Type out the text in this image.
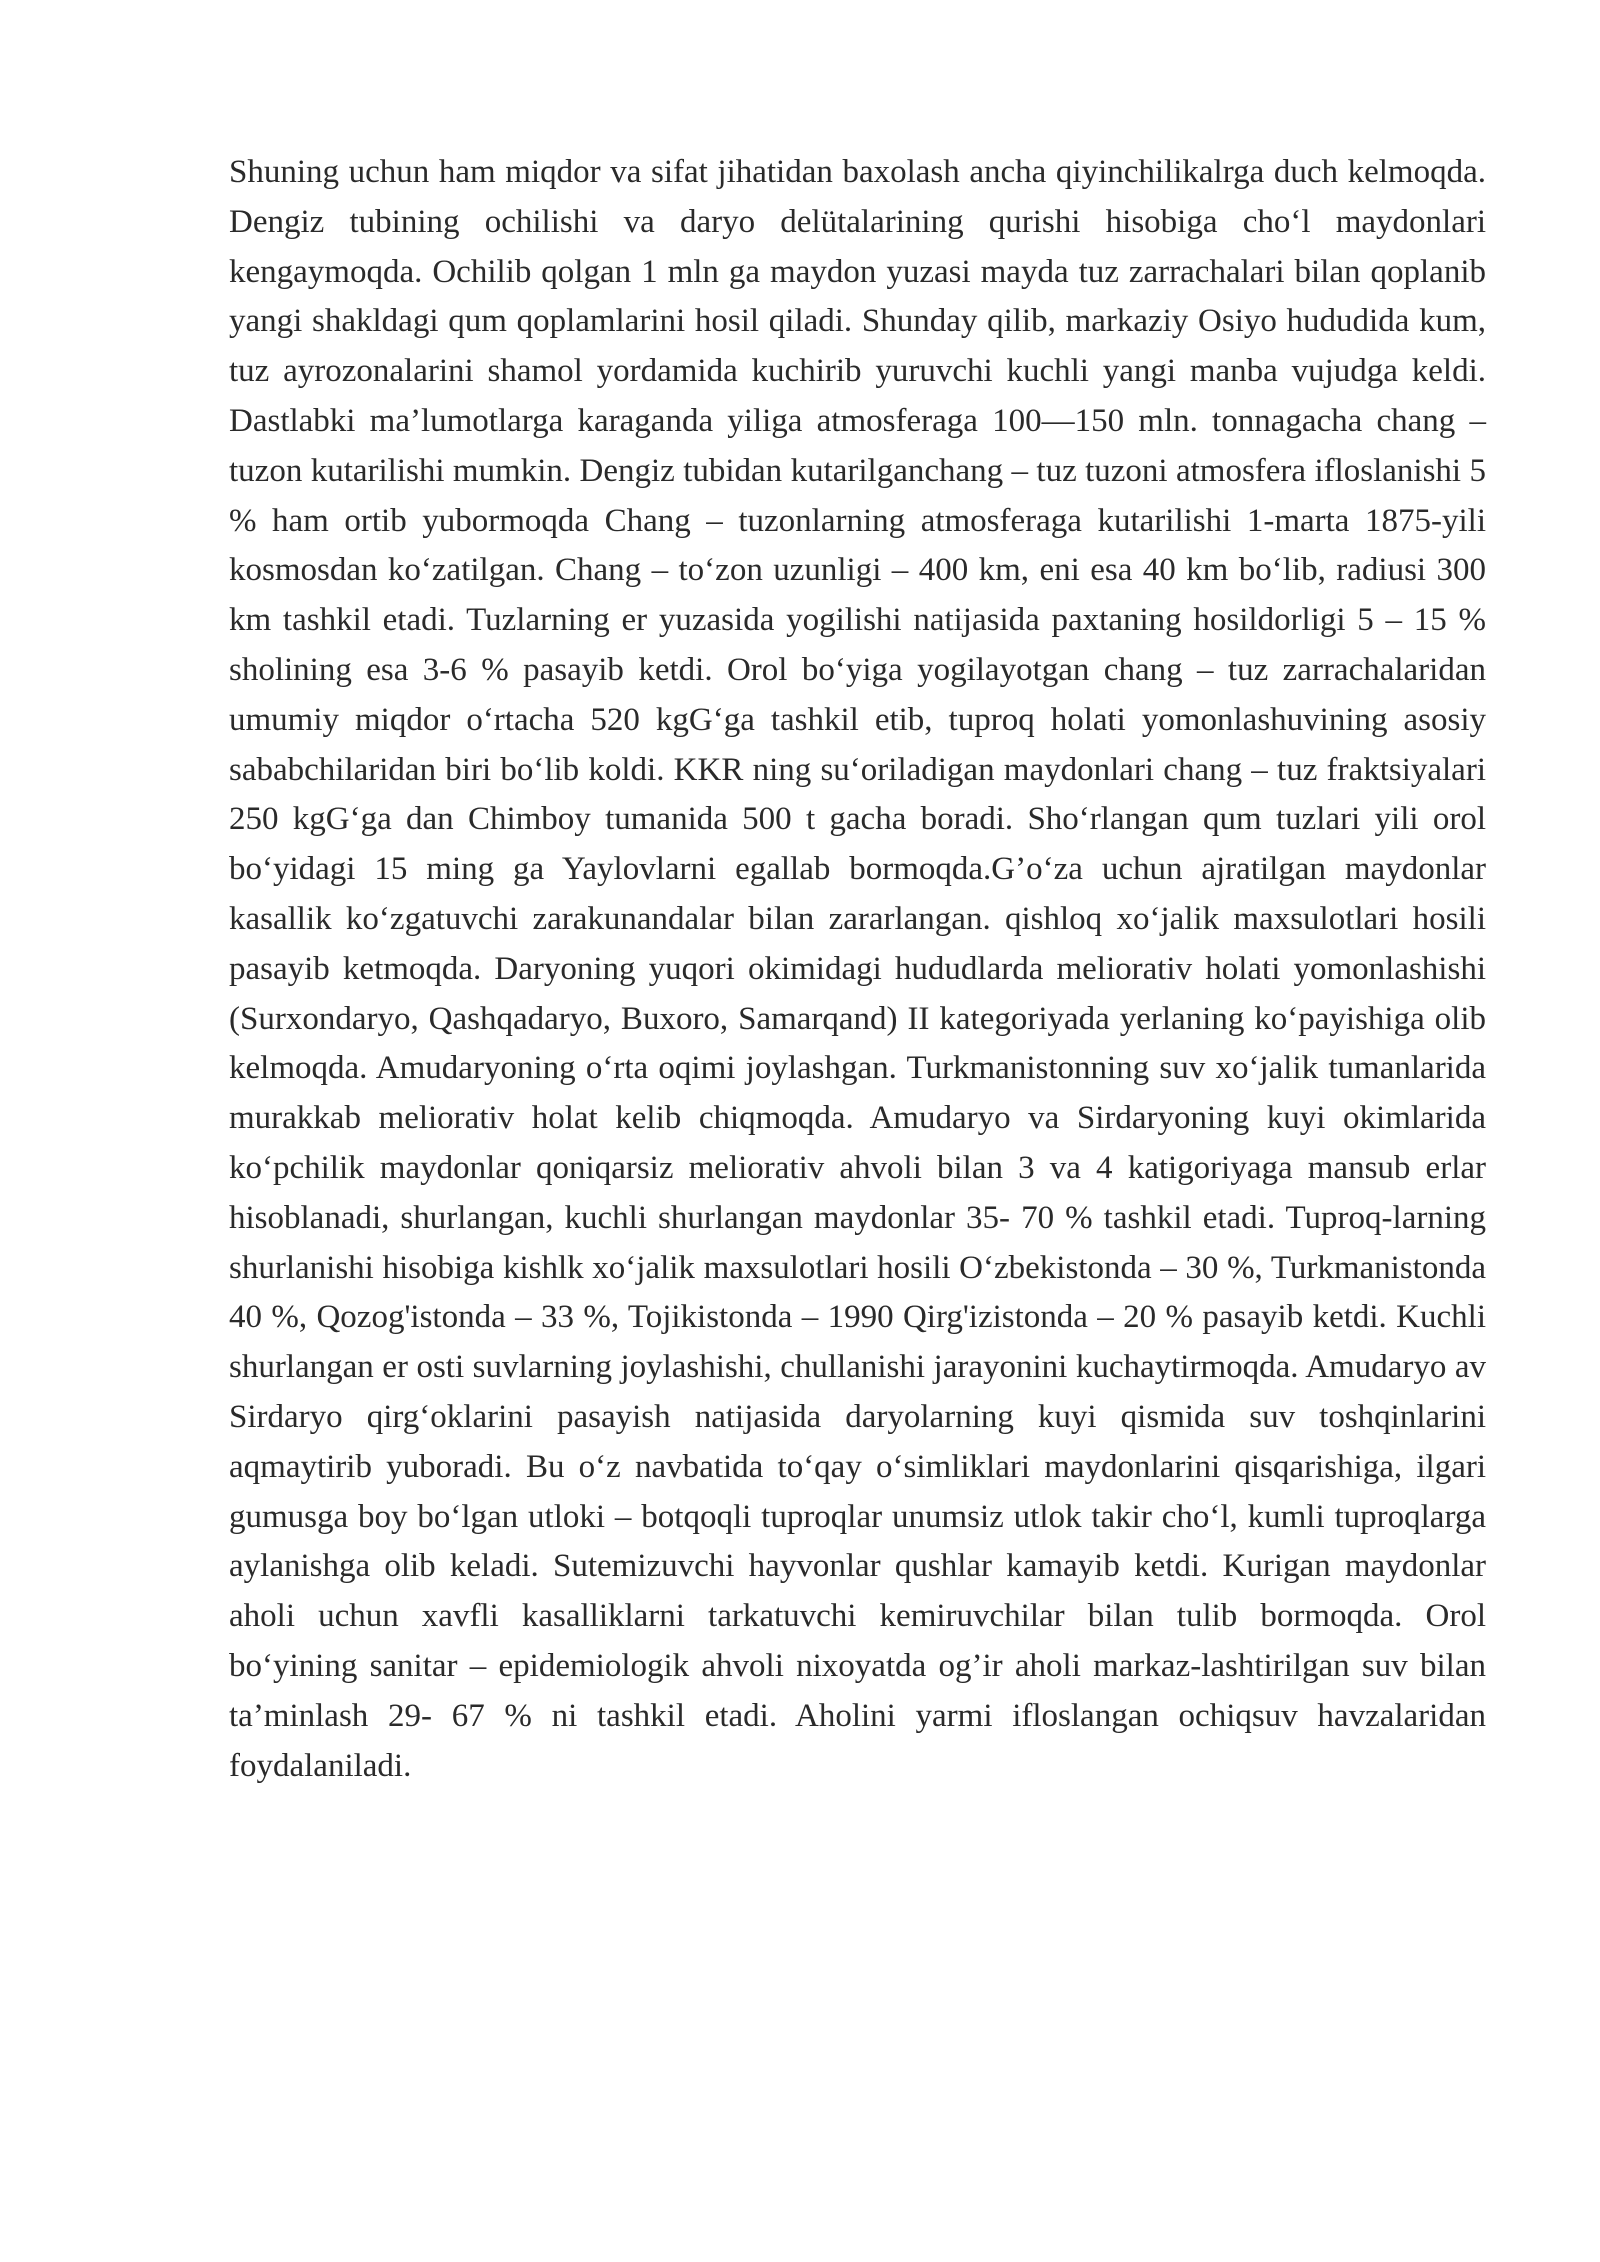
Shuning uchun ham miqdor va sifat jihatidan baxolash ancha qiyinchilikalrga duch kelmoqda. Dengiz tubining ochilishi va daryo delütalarining qurishi hisobiga cho‘l maydonlari kengaymoqda. Ochilib qolgan 1 mln ga maydon yuzasi mayda tuz zarrachalari bilan qoplanib yangi shakldagi qum qoplamlarini hosil qiladi. Shunday qilib, markaziy Osiyo hududida kum, tuz ayrozonalarini shamol yordamida kuchirib yuruvchi kuchli yangi manba vujudga keldi. Dastlabki ma’lumotlarga karaganda yiliga atmosferaga 100—150 mln. tonnagacha chang – tuzon kutarilishi mumkin. Dengiz tubidan kutarilganchang – tuz tuzoni atmosfera ifloslanishi 5 % ham ortib yubormoqda Chang – tuzonlarning atmosferaga kutarilishi 1-marta 1875-yili kosmosdan ko‘zatilgan. Chang – to‘zon uzunligi – 400 km, eni esa 40 km bo‘lib, radiusi 300 km tashkil etadi. Tuzlarning er yuzasida yogilishi natijasida paxtaning hosildorligi 5 – 15 % sholining esa 3-6 % pasayib ketdi. Orol bo‘yiga yogilayotgan chang – tuz zarrachalaridan umumiy miqdor o‘rtacha 520 kgG‘ga tashkil etib, tuproq holati yomonlashuvining asosiy sababchilaridan biri bo‘lib koldi. KKR ning su‘oriladigan maydonlari chang – tuz fraktsiyalari 250 kgG‘ga dan Chimboy tumanida 500 t gacha boradi. Sho‘rlangan qum tuzlari yili orol bo‘yidagi 15 ming ga Yaylovlarni egallab bormoqda.G’o‘za uchun ajratilgan maydonlar kasallik ko‘zgatuvchi zarakunandalar bilan zararlangan. qishloq xo‘jalik maxsulotlari hosili pasayib ketmoqda. Daryoning yuqori okimidagi hududlarda meliorativ holati yomonlashishi (Surxondaryo, Qashqadaryo, Buxoro, Samarqand) II kategoriyada yerlaning ko‘payishiga olib kelmoqda. Amudaryoning o‘rta oqimi joylashgan. Turkmanistonning suv xo‘jalik tumanlarida murakkab meliorativ holat kelib chiqmoqda. Amudaryo va Sirdaryoning kuyi okimlarida ko‘pchilik maydonlar qoniqarsiz meliorativ ahvoli bilan 3 va 4 katigoriyaga mansub erlar hisoblanadi, shurlangan, kuchli shurlangan maydonlar 35- 70 % tashkil etadi. Tuproq-larning shurlanishi hisobiga kishlk xo‘jalik maxsulotlari hosili O‘zbekistonda – 30 %, Turkmanistonda 40 %, Qozog'istonda – 33 %, Tojikistonda – 1990 Qirg'izistonda – 20 % pasayib ketdi. Kuchli shurlangan er osti suvlarning joylashishi, chullanishi jarayonini kuchaytirmoqda. Amudaryo av Sirdaryo qirg‘oklarini pasayish natijasida daryolarning kuyi qismida suv toshqinlarini aqmaytirib yuboradi. Bu o‘z navbatida to‘qay o‘simliklari maydonlarini qisqarishiga, ilgari gumusga boy bo‘lgan utloki – botqoqli tuproqlar unumsiz utlok takir cho‘l, kumli tuproqlarga aylanishga olib keladi. Sutemizuvchi hayvonlar qushlar kamayib ketdi. Kurigan maydonlar aholi uchun xavfli kasalliklarni tarkatuvchi kemiruvchilar bilan tulib bormoqda. Orol bo‘yining sanitar – epidemiologik ahvoli nixoyatda og’ir aholi markaz-lashtirilgan suv bilan ta’minlash 29- 67 % ni tashkil etadi. Aholini yarmi ifloslangan ochiqsuv havzalaridan foydalaniladi.
